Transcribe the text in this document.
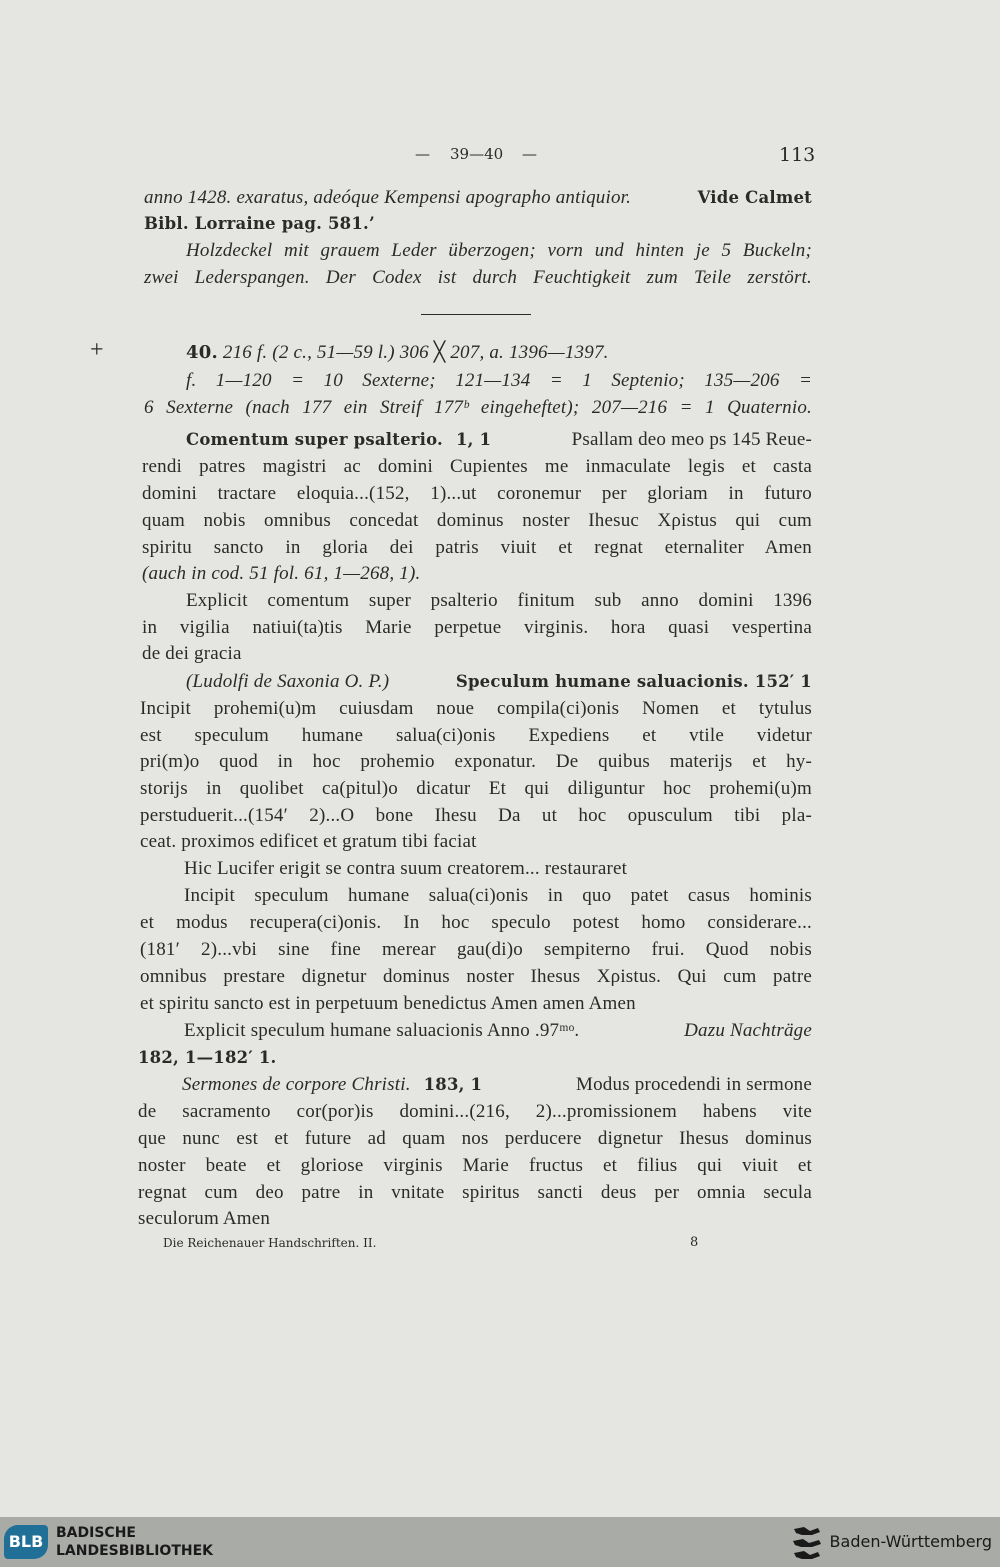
— 39—40 —	113
anno 1428. exaratus, adeóque Kempensi apographo antiquior.	Vide Calmet
Bibl. Lorraine pag. 581.’
Holzdeckel mit grauem Leder überzogen; vorn und hinten je 5 Buckeln;
zwei Lederspangen. Der Codex ist durch Feuchtigkeit zum Teile zerstört.
+	40. 216 f. (2 c., 51—59 l.) 306 ╳ 207, a. 1396—1397.
f. 1—120 = 10 Sexterne; 121—134 = 1 Septenio; 135—206 =
6 Sexterne (nach 177 ein Streif 177ᵇ eingeheftet); 207—216 = 1 Quaternio.
Comentum super psalterio. 1, 1	Psallam deo meo ps 145 Reue-
rendi patres magistri ac domini Cupientes me inmaculate legis et casta
domini tractare eloquia...(152, 1)...ut coronemur per gloriam in futuro
quam nobis omnibus concedat dominus noster Ihesuc Xρistus qui cum
spiritu sancto in gloria dei patris viuit et regnat eternaliter Amen
(auch in cod. 51 fol. 61, 1—268, 1).
Explicit comentum super psalterio finitum sub anno domini 1396
in vigilia natiui(ta)tis Marie perpetue virginis. hora quasi vespertina
de dei gracia
(Ludolfi de Saxonia O. P.)	Speculum humane saluacionis. 152′ 1
Incipit prohemi(u)m cuiusdam noue compila(ci)onis Nomen et tytulus
est speculum humane salua(ci)onis Expediens et vtile videtur
pri(m)o quod in hoc prohemio exponatur. De quibus materijs et hy-
storijs in quolibet ca(pitul)o dicatur Et qui diliguntur hoc prohemi(u)m
perstuduerit...(154′ 2)...O bone Ihesu Da ut hoc opusculum tibi pla-
ceat. proximos edificet et gratum tibi faciat
Hic Lucifer erigit se contra suum creatorem... restauraret
Incipit speculum humane salua(ci)onis in quo patet casus hominis
et modus recupera(ci)onis. In hoc speculo potest homo considerare...
(181′ 2)...vbi sine fine merear gau(di)o sempiterno frui. Quod nobis
omnibus prestare dignetur dominus noster Ihesus Xρistus. Qui cum patre
et spiritu sancto est in perpetuum benedictus Amen amen Amen
Explicit speculum humane saluacionis Anno .97ᵐᵒ.	Dazu Nachträge
182, 1—182′ 1.
Sermones de corpore Christi. 183, 1	Modus procedendi in sermone
de sacramento cor(por)is domini...(216, 2)...promissionem habens vite
que nunc est et future ad quam nos perducere dignetur Ihesus dominus
noster beate et gloriose virginis Marie fructus et filius qui viuit et
regnat cum deo patre in vnitate spiritus sancti deus per omnia secula
seculorum Amen
Die Reichenauer Handschriften. II.	8
BLB BADISCHE
LANDESBIBLIOTHEK	Baden-Württemberg
